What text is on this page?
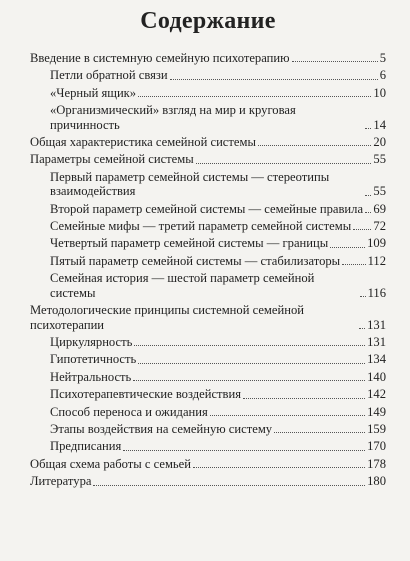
Содержание
Введение в системную семейную психотерапию	5
Петли обратной связи	6
«Черный ящик»	10
«Организмический» взгляд на мир и круговая причинность	14
Общая характеристика семейной системы	20
Параметры семейной системы	55
Первый параметр семейной системы — стереотипы взаимодействия	55
Второй параметр семейной системы — семейные правила 69
Семейные мифы — третий параметр семейной системы 72
Четвертый параметр семейной системы — границы	109
Пятый параметр семейной системы — стабилизаторы 112
Семейная история — шестой параметр семейной системы	116
Методологические принципы системной семейной психотерапии	131
Циркулярность	131
Гипотетичность	134
Нейтральность	140
Психотерапевтические воздействия	142
Способ переноса и ожидания	149
Этапы воздействия на семейную систему	159
Предписания	170
Общая схема работы с семьей	178
Литература	180
